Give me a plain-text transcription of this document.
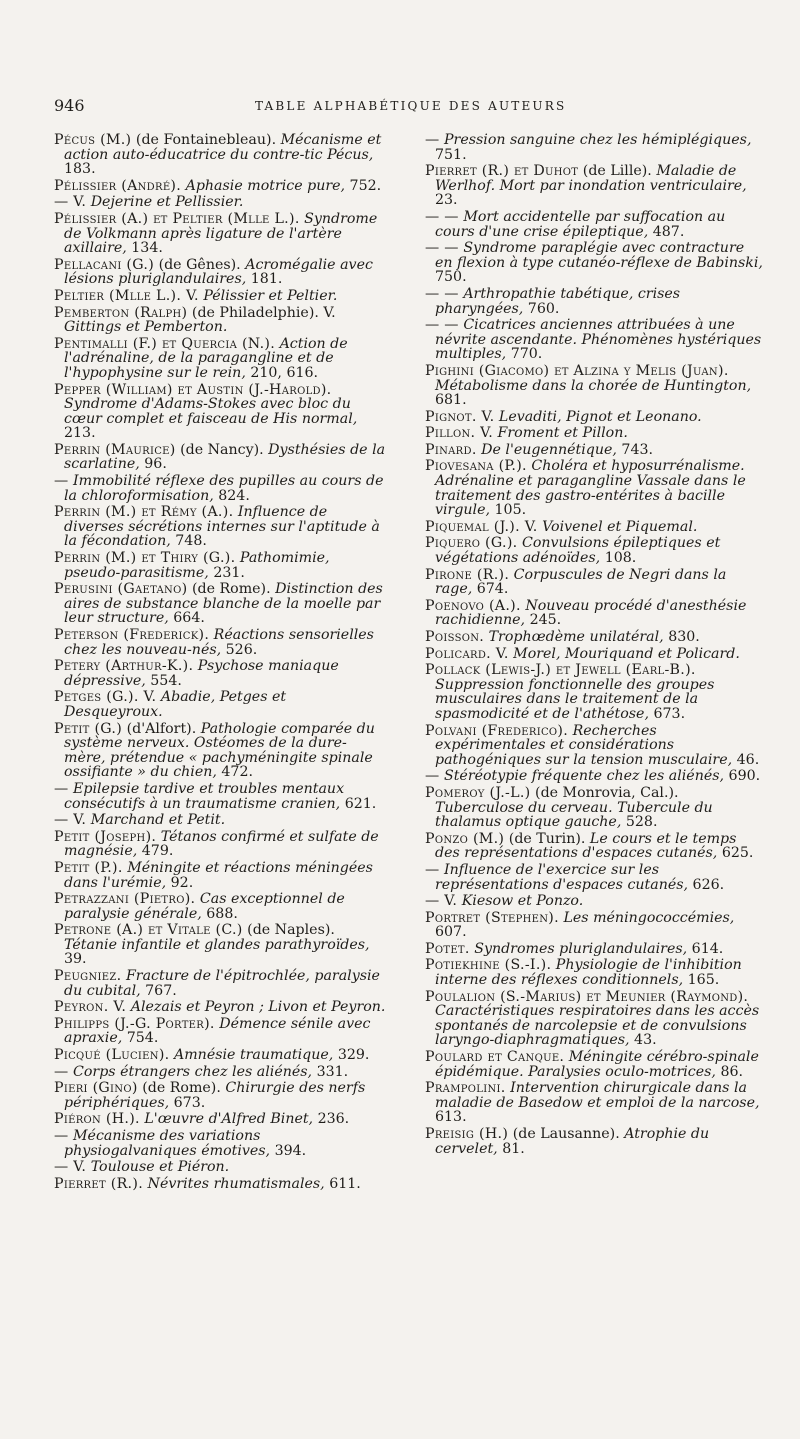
946	TABLE ALPHABÉTIQUE DES AUTEURS

Pécus (M.) (de Fontainebleau). Mécanisme et action auto-éducatrice du contre-tic Pécus, 183.

Pélissier (André). Aphasie motrice pure, 752.

— V. Dejerine et Pellissier.

Pélissier (A.) et Peltier (Mlle L.). Syndrome de Volkmann après ligature de l'artère axillaire, 134.

Pellacani (G.) (de Gênes). Acromégalie avec lésions pluriglandulaires, 181.

Peltier (Mlle L.). V. Pélissier et Peltier.

Pemberton (Ralph) (de Philadelphie). V. Gittings et Pemberton.

Pentimalli (F.) et Quercia (N.). Action de l'adrénaline, de la paragangline et de l'hypophysine sur le rein, 210, 616.

Pepper (William) et Austin (J.-Harold). Syndrome d'Adams-Stokes avec bloc du cœur complet et faisceau de His normal, 213.

Perrin (Maurice) (de Nancy). Dysthésies de la scarlatine, 96.

— Immobilité réflexe des pupilles au cours de la chloroformisation, 824.

Perrin (M.) et Rémy (A.). Influence de diverses sécrétions internes sur l'aptitude à la fécondation, 748.

Perrin (M.) et Thiry (G.). Pathomimie, pseudo-parasitisme, 231.

Perusini (Gaetano) (de Rome). Distinction des aires de substance blanche de la moelle par leur structure, 664.

Peterson (Frederick). Réactions sensorielles chez les nouveau-nés, 526.

Petery (Arthur-K.). Psychose maniaque dépressive, 554.

Petges (G.). V. Abadie, Petges et Desqueyroux.

Petit (G.) (d'Alfort). Pathologie comparée du système nerveux. Ostéomes de la dure-mère, prétendue « pachyméningite spinale ossifiante » du chien, 472.

— Epilepsie tardive et troubles mentaux consécutifs à un traumatisme cranien, 621.

— V. Marchand et Petit.

Petit (Joseph). Tétanos confirmé et sulfate de magnésie, 479.

Petit (P.). Méningite et réactions méningées dans l'urémie, 92.

Petrazzani (Pietro). Cas exceptionnel de paralysie générale, 688.

Petrone (A.) et Vitale (C.) (de Naples). Tétanie infantile et glandes parathyroïdes, 39.

Peugniez. Fracture de l'épitrochlée, paralysie du cubital, 767.

Peyron. V. Alezais et Peyron ; Livon et Peyron.

Philipps (J.-G. Porter). Démence sénile avec apraxie, 754.

Picqué (Lucien). Amnésie traumatique, 329.

— Corps étrangers chez les aliénés, 331.

Pieri (Gino) (de Rome). Chirurgie des nerfs périphériques, 673.

Piéron (H.). L'œuvre d'Alfred Binet, 236.

— Mécanisme des variations physiogalvaniques émotives, 394.

— V. Toulouse et Piéron.

Pierret (R.). Névrites rhumatismales, 611.

— Pression sanguine chez les hémiplégiques, 751.

Pierret (R.) et Duhot (de Lille). Maladie de Werlhof. Mort par inondation ventriculaire, 23.

— — Mort accidentelle par suffocation au cours d'une crise épileptique, 487.

— — Syndrome paraplégie avec contracture en flexion à type cutanéo-réflexe de Babinski, 750.

— — Arthropathie tabétique, crises pharyngées, 760.

— — Cicatrices anciennes attribuées à une névrite ascendante. Phénomènes hystériques multiples, 770.

Pighini (Giacomo) et Alzina y Melis (Juan). Métabolisme dans la chorée de Huntington, 681.

Pignot. V. Levaditi, Pignot et Leonano.

Pillon. V. Froment et Pillon.

Pinard. De l'eugennétique, 743.

Piovesana (P.). Choléra et hyposurrénalisme. Adrénaline et paragangline Vassale dans le traitement des gastro-entérites à bacille virgule, 105.

Piquemal (J.). V. Voivenel et Piquemal.

Piquero (G.). Convulsions épileptiques et végétations adénoïdes, 108.

Pirone (R.). Corpuscules de Negri dans la rage, 674.

Poenovo (A.). Nouveau procédé d'anesthésie rachidienne, 245.

Poisson. Trophœdème unilatéral, 830.

Policard. V. Morel, Mouriquand et Policard.

Pollack (Lewis-J.) et Jewell (Earl-B.). Suppression fonctionnelle des groupes musculaires dans le traitement de la spasmodicité et de l'athétose, 673.

Polvani (Frederico). Recherches expérimentales et considérations pathogéniques sur la tension musculaire, 46.

— Stéréotypie fréquente chez les aliénés, 690.

Pomeroy (J.-L.) (de Monrovia, Cal.). Tuberculose du cerveau. Tubercule du thalamus optique gauche, 528.

Ponzo (M.) (de Turin). Le cours et le temps des représentations d'espaces cutanés, 625.

— Influence de l'exercice sur les représentations d'espaces cutanés, 626.

— V. Kiesow et Ponzo.

Portret (Stephen). Les méningococcémies, 607.

Potet. Syndromes pluriglandulaires, 614.

Potiekhine (S.-I.). Physiologie de l'inhibition interne des réflexes conditionnels, 165.

Poulalion (S.-Marius) et Meunier (Raymond). Caractéristiques respiratoires dans les accès spontanés de narcolepsie et de convulsions laryngo-diaphragmatiques, 43.

Poulard et Canque. Méningite cérébro-spinale épidémique. Paralysies oculo-motrices, 86.

Prampolini. Intervention chirurgicale dans la maladie de Basedow et emploi de la narcose, 613.

Preisig (H.) (de Lausanne). Atrophie du cervelet, 81.
